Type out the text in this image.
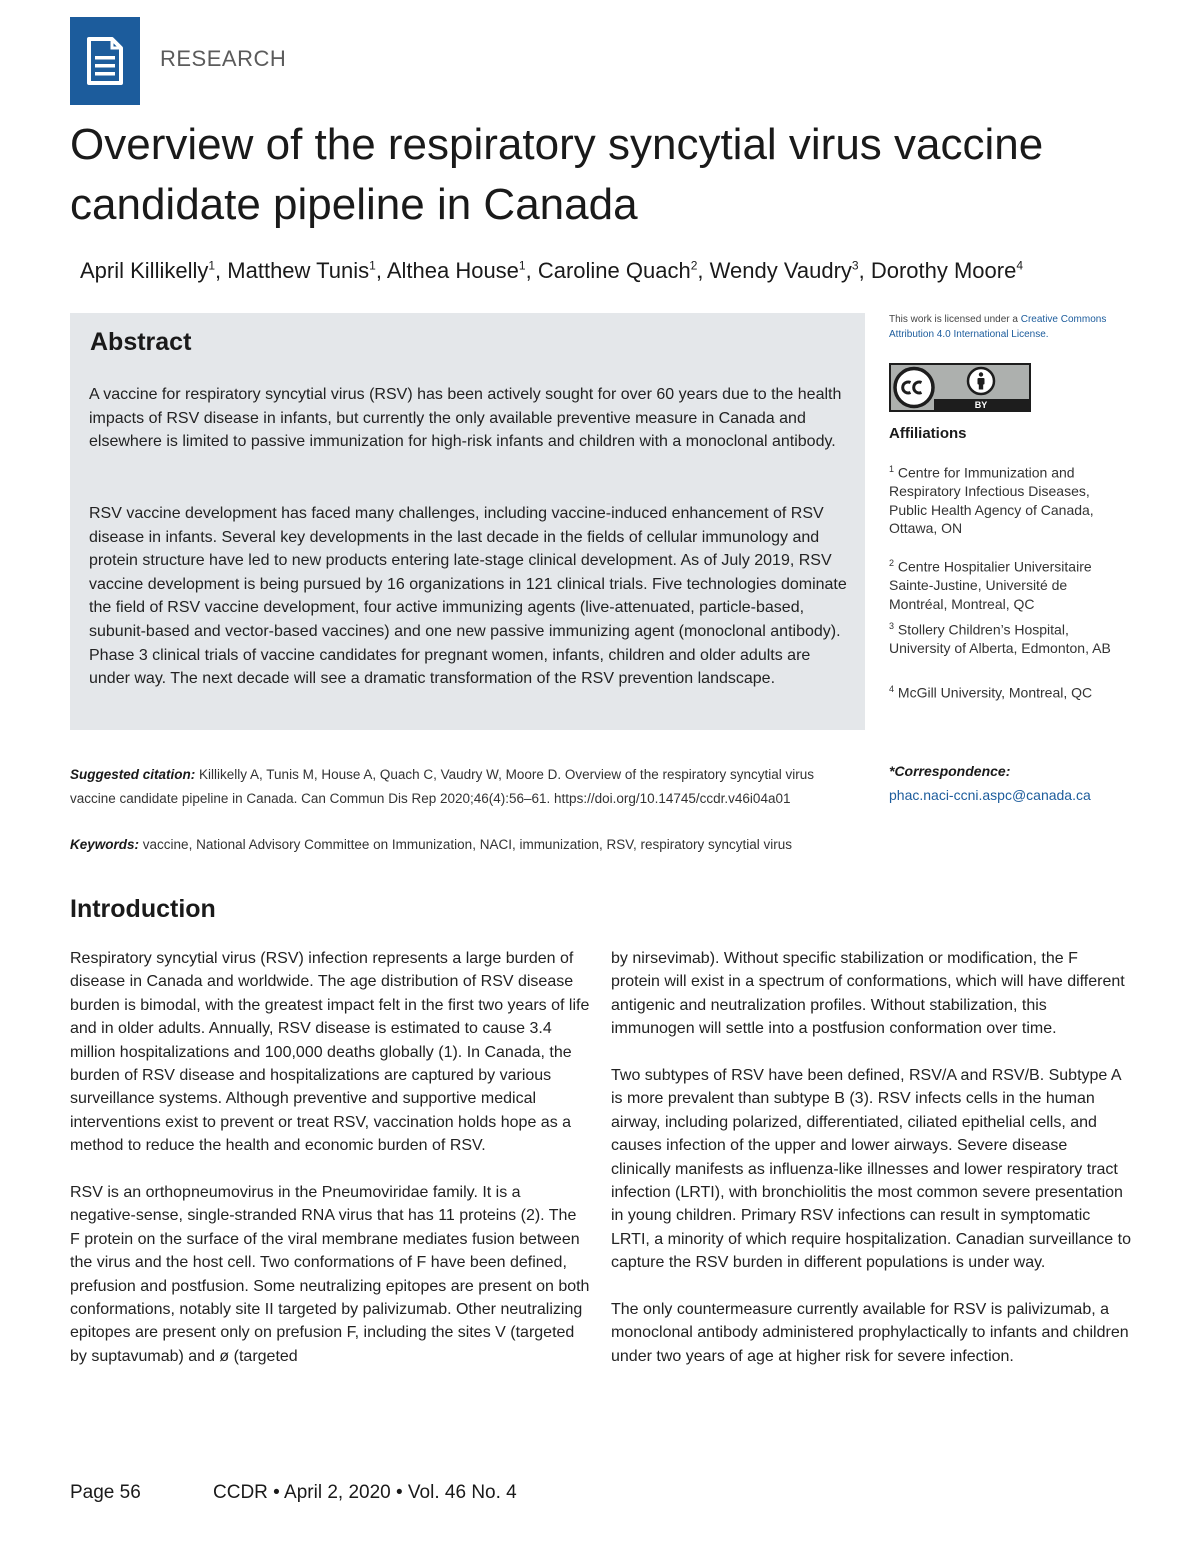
RESEARCH
Overview of the respiratory syncytial virus vaccine candidate pipeline in Canada
April Killikelly$^1$, Matthew Tunis$^1$, Althea House$^1$, Caroline Quach$^2$, Wendy Vaudry$^3$, Dorothy Moore$^4$
Abstract

A vaccine for respiratory syncytial virus (RSV) has been actively sought for over 60 years due to the health impacts of RSV disease in infants, but currently the only available preventive measure in Canada and elsewhere is limited to passive immunization for high-risk infants and children with a monoclonal antibody.

RSV vaccine development has faced many challenges, including vaccine-induced enhancement of RSV disease in infants. Several key developments in the last decade in the fields of cellular immunology and protein structure have led to new products entering late-stage clinical development. As of July 2019, RSV vaccine development is being pursued by 16 organizations in 121 clinical trials. Five technologies dominate the field of RSV vaccine development, four active immunizing agents (live-attenuated, particle-based, subunit-based and vector-based vaccines) and one new passive immunizing agent (monoclonal antibody). Phase 3 clinical trials of vaccine candidates for pregnant women, infants, children and older adults are under way. The next decade will see a dramatic transformation of the RSV prevention landscape.

This work is licensed under a Creative Commons Attribution 4.0 International License.
BY
Affiliations
$^1$ Centre for Immunization and Respiratory Infectious Diseases, Public Health Agency of Canada, Ottawa, ON
$^2$ Centre Hospitalier Universitaire Sainte-Justine, Université de Montréal, Montreal, QC
$^3$ Stollery Children’s Hospital, University of Alberta, Edmonton, AB
$^4$ McGill University, Montreal, QC
*Correspondence:
phac.naci-ccni.aspc@canada.ca
Suggested citation: Killikelly A, Tunis M, House A, Quach C, Vaudry W, Moore D. Overview of the respiratory syncytial virus vaccine candidate pipeline in Canada. Can Commun Dis Rep 2020;46(4):56–61. https://doi.org/10.14745/ccdr.v46i04a01
Keywords: vaccine, National Advisory Committee on Immunization, NACI, immunization, RSV, respiratory syncytial virus
Introduction

Respiratory syncytial virus (RSV) infection represents a large burden of disease in Canada and worldwide. The age distribution of RSV disease burden is bimodal, with the greatest impact felt in the first two years of life and in older adults. Annually, RSV disease is estimated to cause 3.4 million hospitalizations and 100,000 deaths globally (1). In Canada, the burden of RSV disease and hospitalizations are captured by various surveillance systems. Although preventive and supportive medical interventions exist to prevent or treat RSV, vaccination holds hope as a method to reduce the health and economic burden of RSV.

RSV is an orthopneumovirus in the Pneumoviridae family. It is a negative-sense, single-stranded RNA virus that has 11 proteins (2). The F protein on the surface of the viral membrane mediates fusion between the virus and the host cell. Two conformations of F have been defined, prefusion and postfusion. Some neutralizing epitopes are present on both conformations, notably site II targeted by palivizumab. Other neutralizing epitopes are present only on prefusion F, including the sites V (targeted by suptavumab) and ø (targeted

by nirsevimab). Without specific stabilization or modification, the F protein will exist in a spectrum of conformations, which will have different antigenic and neutralization profiles. Without stabilization, this immunogen will settle into a postfusion conformation over time.

Two subtypes of RSV have been defined, RSV/A and RSV/B. Subtype A is more prevalent than subtype B (3). RSV infects cells in the human airway, including polarized, differentiated, ciliated epithelial cells, and causes infection of the upper and lower airways. Severe disease clinically manifests as influenza-like illnesses and lower respiratory tract infection (LRTI), with bronchiolitis the most common severe presentation in young children. Primary RSV infections can result in symptomatic LRTI, a minority of which require hospitalization. Canadian surveillance to capture the RSV burden in different populations is under way.

The only countermeasure currently available for RSV is palivizumab, a monoclonal antibody administered prophylactically to infants and children under two years of age at higher risk for severe infection.

Page 56	CCDR • April 2, 2020 • Vol. 46 No. 4
